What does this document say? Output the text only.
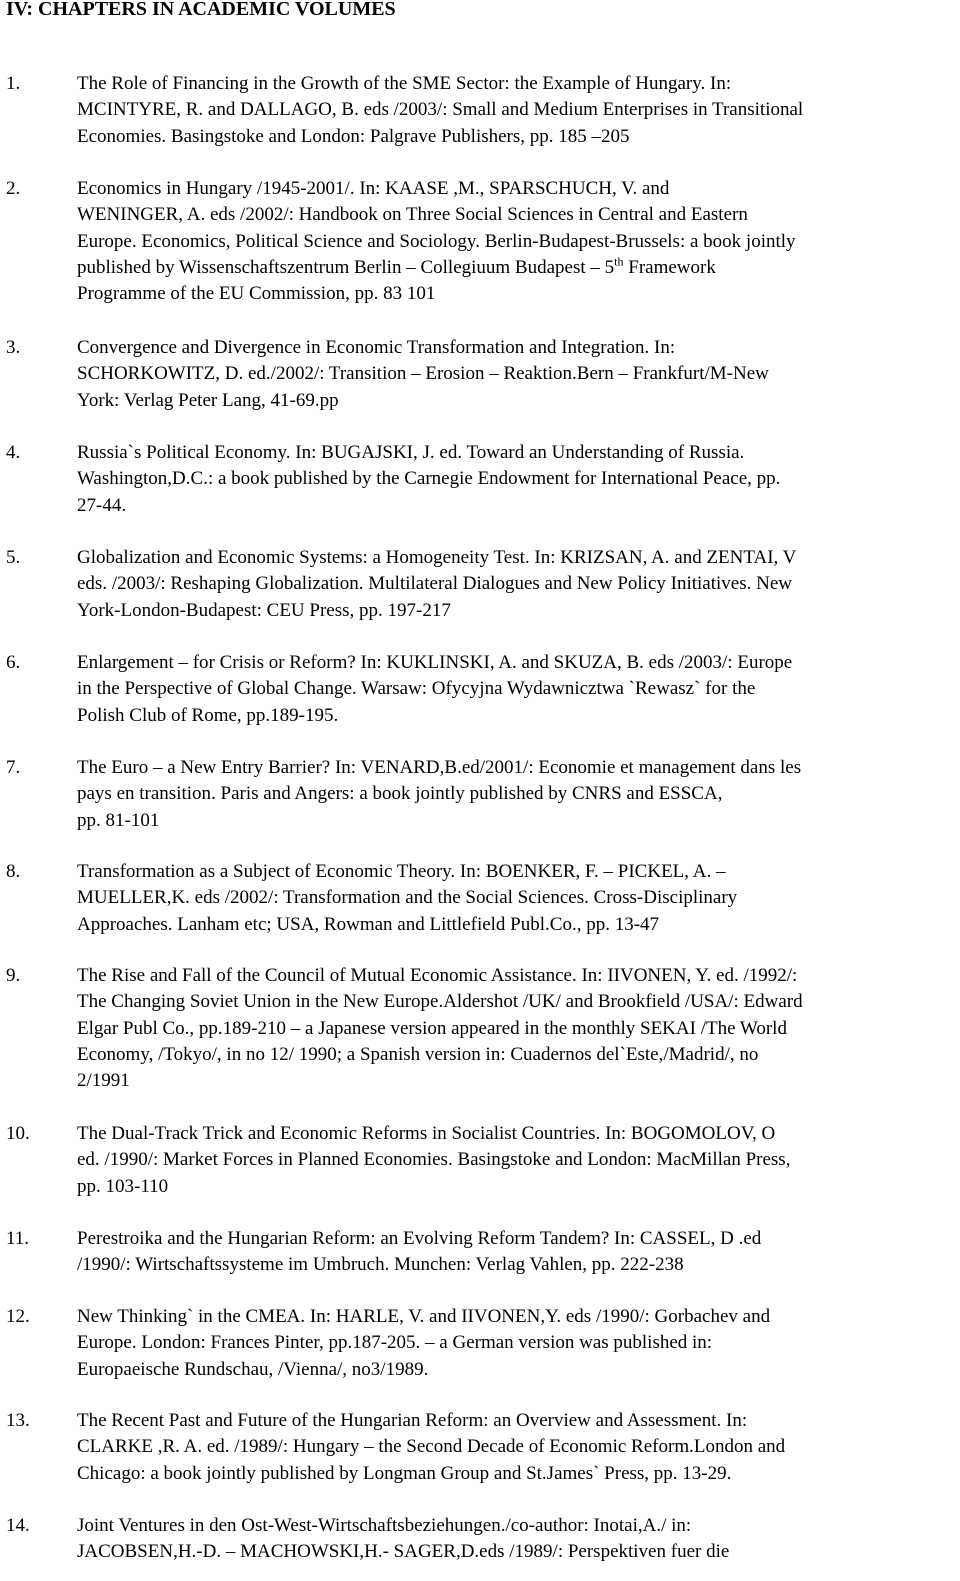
IV: CHAPTERS IN ACADEMIC VOLUMES
1.	The Role of Financing in the Growth of the SME Sector: the Example of Hungary. In:
MCINTYRE, R. and DALLAGO, B. eds /2003/: Small and Medium Enterprises in Transitional
Economies. Basingstoke and London: Palgrave Publishers, pp. 185 –205
2.	Economics in Hungary /1945-2001/. In: KAASE ,M., SPARSCHUCH, V. and
WENINGER, A. eds /2002/: Handbook on Three Social Sciences in Central and Eastern
Europe. Economics, Political Science and Sociology. Berlin-Budapest-Brussels: a book jointly
published by Wissenschaftszentrum Berlin – Collegiuum Budapest – 5th Framework
Programme of the EU Commission, pp. 83 101
3.	Convergence and Divergence in Economic Transformation and Integration. In:
SCHORKOWITZ, D. ed./2002/: Transition – Erosion – Reaktion.Bern – Frankfurt/M-New
York: Verlag Peter Lang, 41-69.pp
4.	Russia`s Political Economy. In: BUGAJSKI, J. ed. Toward an Understanding of Russia.
Washington,D.C.: a book published by the Carnegie Endowment for International Peace, pp.
27-44.
5.	Globalization and Economic Systems: a Homogeneity Test. In: KRIZSAN, A. and ZENTAI, V
eds. /2003/: Reshaping Globalization. Multilateral Dialogues and New Policy Initiatives. New
York-London-Budapest: CEU Press, pp. 197-217
6.	Enlargement – for Crisis or Reform? In: KUKLINSKI, A. and SKUZA, B. eds /2003/: Europe
in the Perspective of Global Change. Warsaw: Ofycyjna Wydawnicztwa `Rewasz` for the
Polish Club of Rome, pp.189-195.
7.	The Euro – a New Entry Barrier? In: VENARD,B.ed/2001/: Economie et management dans les
pays en transition. Paris and Angers: a book jointly published by CNRS and ESSCA,
pp. 81-101
8.	Transformation as a Subject of Economic Theory. In: BOENKER, F. – PICKEL, A. –
MUELLER,K. eds /2002/: Transformation and the Social Sciences. Cross-Disciplinary
Approaches. Lanham etc; USA, Rowman and Littlefield Publ.Co., pp. 13-47
9.	The Rise and Fall of the Council of Mutual Economic Assistance. In: IIVONEN, Y. ed. /1992/:
The Changing Soviet Union in the New Europe.Aldershot /UK/ and Brookfield /USA/: Edward
Elgar Publ Co., pp.189-210 – a Japanese version appeared in the monthly SEKAI /The World
Economy, /Tokyo/, in no 12/ 1990; a Spanish version in: Cuadernos del`Este,/Madrid/, no
2/1991
10. The Dual-Track Trick and Economic Reforms in Socialist Countries. In: BOGOMOLOV, O
ed. /1990/: Market Forces in Planned Economies. Basingstoke and London: MacMillan Press,
pp. 103-110
11.	Perestroika and the Hungarian Reform: an Evolving Reform Tandem? In: CASSEL, D .ed
/1990/: Wirtschaftssysteme im Umbruch. Munchen: Verlag Vahlen, pp. 222-238
12. New Thinking` in the CMEA. In: HARLE, V. and IIVONEN,Y. eds /1990/: Gorbachev and
Europe. London: Frances Pinter, pp.187-205. – a German version was published in:
Europaeische Rundschau, /Vienna/, no3/1989.
13. The Recent Past and Future of the Hungarian Reform: an Overview and Assessment. In:
CLARKE ,R. A. ed. /1989/: Hungary – the Second Decade of Economic Reform.London and
Chicago: a book jointly published by Longman Group and St.James` Press, pp. 13-29.
14. Joint Ventures in den Ost-West-Wirtschaftsbeziehungen./co-author: Inotai,A./ in:
JACOBSEN,H.-D. – MACHOWSKI,H.- SAGER,D.eds /1989/: Perspektiven fuer die
